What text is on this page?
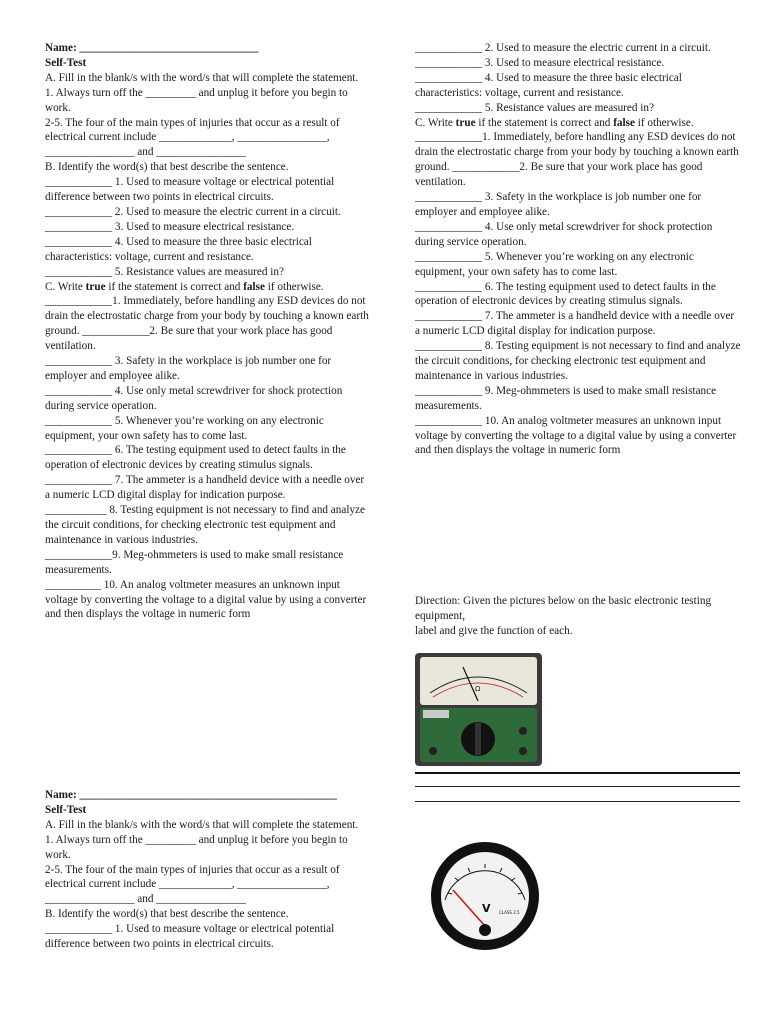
Name: ________________________________

Self-Test

A. Fill in the blank/s with the word/s that will complete the statement.

1. Always turn off the _________ and unplug it before you begin to work.

2-5. The four of the main types of injuries that occur as a result of electrical current include _____________, ________________, ________________ and ________________

B. Identify the word(s) that best describe the sentence.

____________ 1. Used to measure voltage or electrical potential difference between two points in electrical circuits.

____________ 2. Used to measure the electric current in a circuit.

____________ 3. Used to measure electrical resistance.

____________ 4. Used to measure the three basic electrical characteristics: voltage, current and resistance.

____________ 5. Resistance values are measured in?

C. Write true if the statement is correct and false if otherwise.

____________1. Immediately, before handling any ESD devices do not drain the electrostatic charge from your body by touching a known earth ground. ____________2. Be sure that your work place has good ventilation.

____________ 3. Safety in the workplace is job number one for employer and employee alike.

____________ 4. Use only metal screwdriver for shock protection during service operation.

____________ 5. Whenever you’re working on any electronic equipment, your own safety has to come last.

____________ 6. The testing equipment used to detect faults in the operation of electronic devices by creating stimulus signals.

____________ 7. The ammeter is a handheld device with a needle over a numeric LCD digital display for indication purpose.

___________ 8. Testing equipment is not necessary to find and analyze the circuit conditions, for checking electronic test equipment and maintenance in various industries.

____________9. Meg-ohmmeters is used to make small resistance measurements.

__________ 10. An analog voltmeter measures an unknown input voltage by converting the voltage to a digital value by using a converter and then displays the voltage in numeric form

____________ 2. Used to measure the electric current in a circuit.

____________ 3. Used to measure electrical resistance.

____________ 4. Used to measure the three basic electrical characteristics: voltage, current and resistance.

____________ 5. Resistance values are measured in?

C. Write true if the statement is correct and false if otherwise.

____________1. Immediately, before handling any ESD devices do not drain the electrostatic charge from your body by touching a known earth ground. ____________2. Be sure that your work place has good ventilation.

____________ 3. Safety in the workplace is job number one for employer and employee alike.

____________ 4. Use only metal screwdriver for shock protection during service operation.

____________ 5. Whenever you’re working on any electronic equipment, your own safety has to come last.

____________ 6. The testing equipment used to detect faults in the operation of electronic devices by creating stimulus signals.

____________ 7. The ammeter is a handheld device with a needle over a numeric LCD digital display for indication purpose.

____________ 8. Testing equipment is not necessary to find and analyze the circuit conditions, for checking electronic test equipment and maintenance in various industries.

____________ 9. Meg-ohmmeters is used to make small resistance measurements.

____________ 10. An analog voltmeter measures an unknown input voltage by converting the voltage to a digital value by using a converter and then displays the voltage in numeric form

Direction: Given the pictures below on the basic electronic testing equipment,

label and give the function of each.

Name: ______________________________________________

Self-Test

A. Fill in the blank/s with the word/s that will complete the statement.

1. Always turn off the _________ and unplug it before you begin to work.

2-5. The four of the main types of injuries that occur as a result of electrical current include _____________, ________________, ________________ and ________________

B. Identify the word(s) that best describe the sentence.

____________ 1. Used to measure voltage or electrical potential difference between two points in electrical circuits.

Ω
V CLASS 2.5
